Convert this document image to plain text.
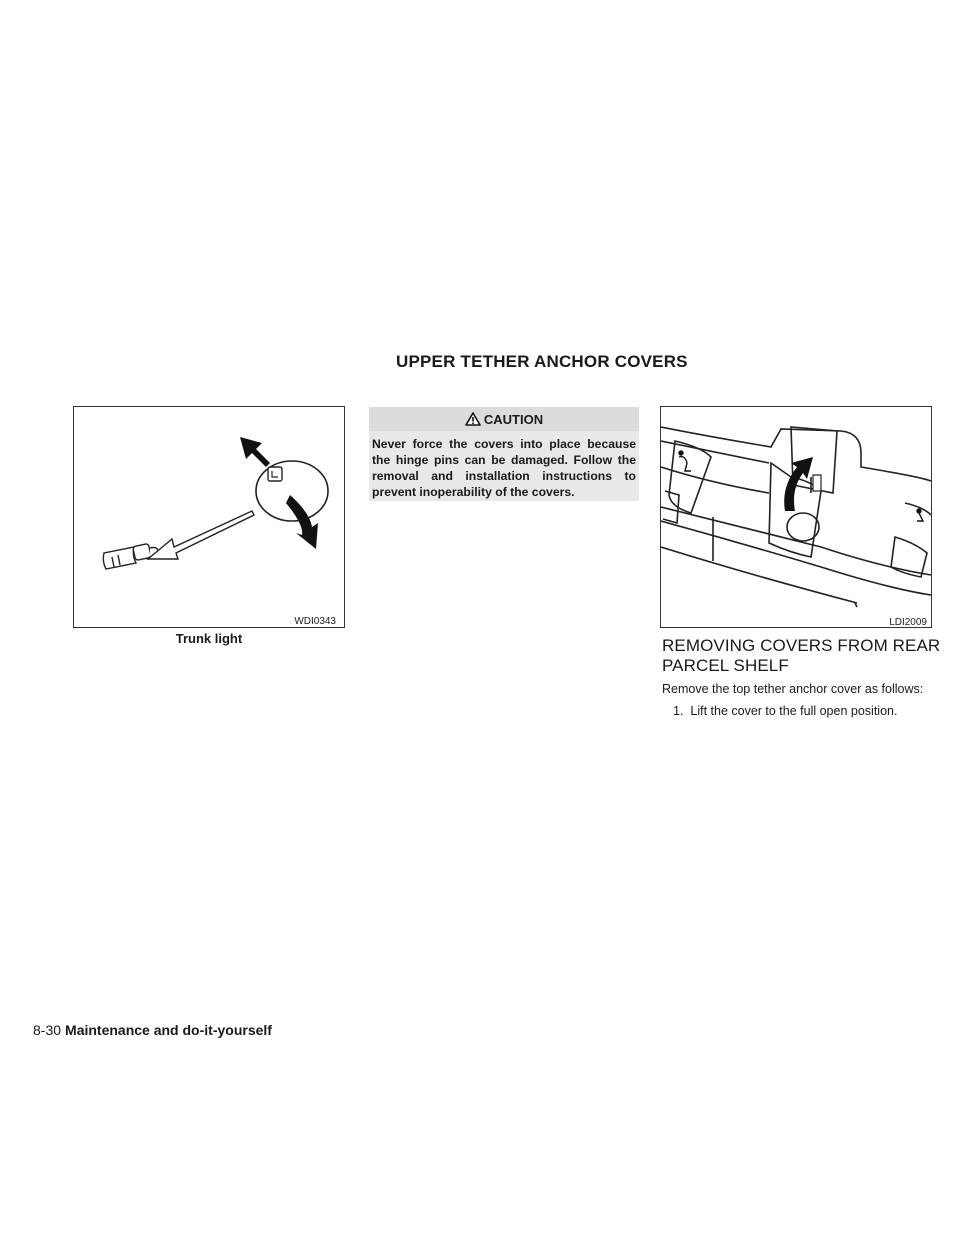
UPPER TETHER ANCHOR COVERS
WDI0343
Trunk light
CAUTION
Never force the covers into place because the hinge pins can be damaged. Follow the removal and installation instructions to prevent inoperability of the covers.
LDI2009
REMOVING COVERS FROM REAR PARCEL SHELF
Remove the top tether anchor cover as follows:
1.  Lift the cover to the full open position.
8-30 Maintenance and do-it-yourself
